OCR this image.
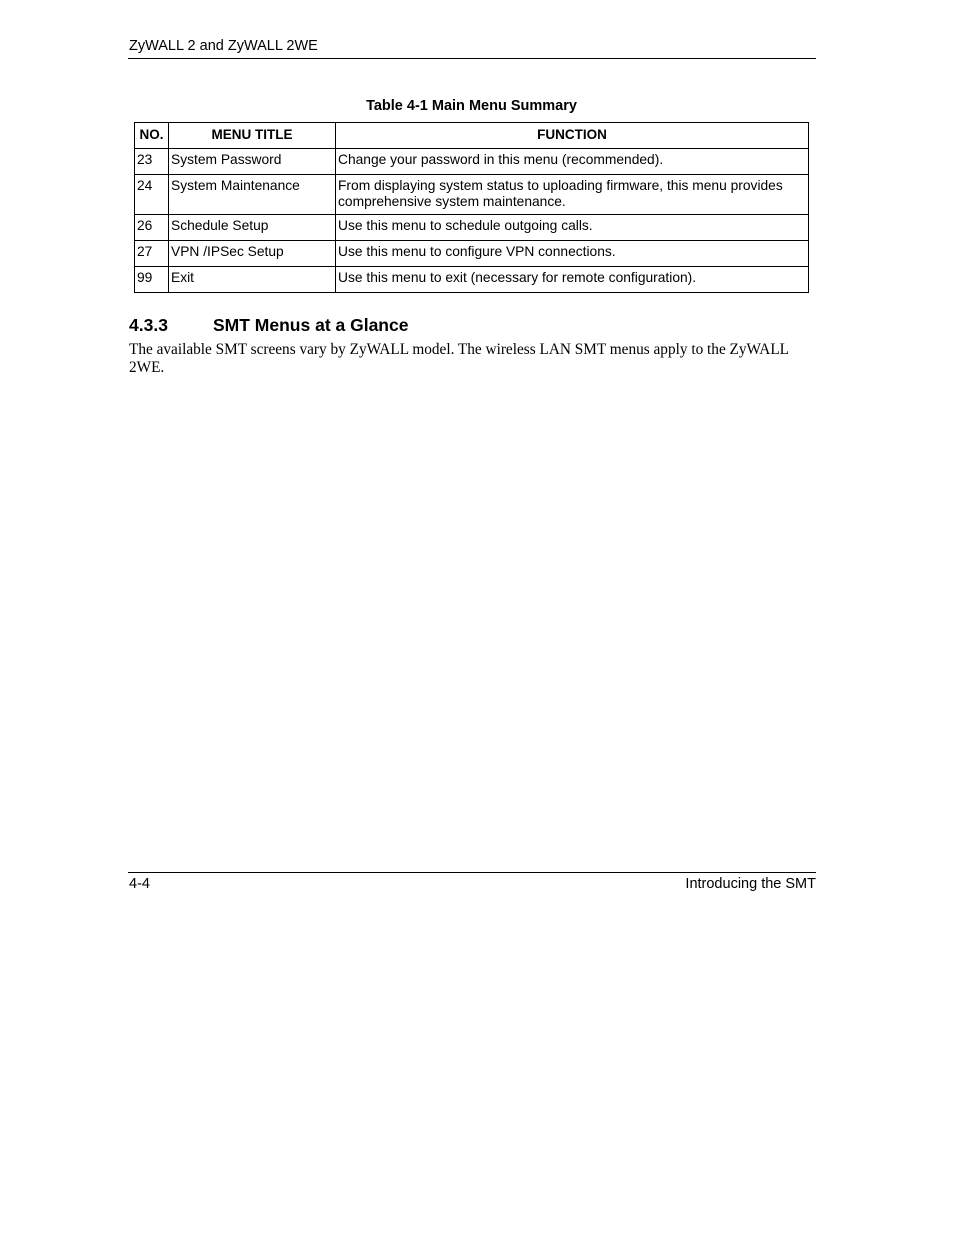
ZyWALL 2 and ZyWALL 2WE
Table 4-1 Main Menu Summary
NO.	MENU TITLE	FUNCTION
23	System Password	Change your password in this menu (recommended).
24	System Maintenance	From displaying system status to uploading firmware, this menu provides comprehensive system maintenance.
26	Schedule Setup	Use this menu to schedule outgoing calls.
27	VPN /IPSec Setup	Use this menu to configure VPN connections.
99	Exit	Use this menu to exit (necessary for remote configuration).
4.3.3	SMT Menus at a Glance

The available SMT screens vary by ZyWALL model. The wireless LAN SMT menus apply to the ZyWALL 2WE.

4-4	Introducing the SMT
